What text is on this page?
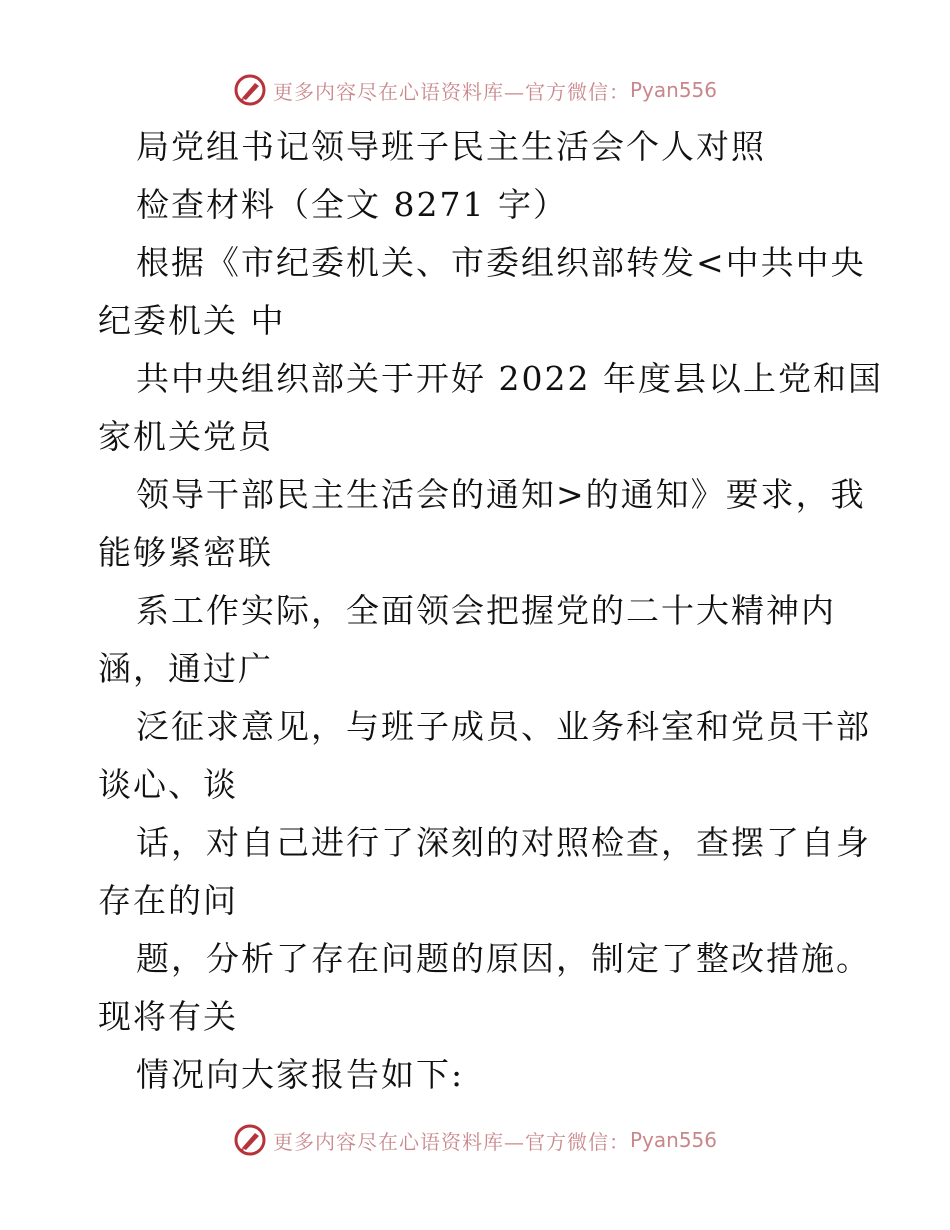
更多内容尽在心语资料库—官方微信： Pyan556
局党组书记领导班子民主生活会个人对照
检查材料（全文 8271 字）
根据《市纪委机关、市委组织部转发<中共中央
纪委机关 中
共中央组织部关于开好 2022 年度县以上党和国
家机关党员
领导干部民主生活会的通知>的通知》要求，我
能够紧密联
系工作实际，全面领会把握党的二十大精神内
涵，通过广
泛征求意见，与班子成员、业务科室和党员干部
谈心、谈
话，对自己进行了深刻的对照检查，查摆了自身
存在的问
题，分析了存在问题的原因，制定了整改措施。
现将有关
情况向大家报告如下:
更多内容尽在心语资料库—官方微信： Pyan556
